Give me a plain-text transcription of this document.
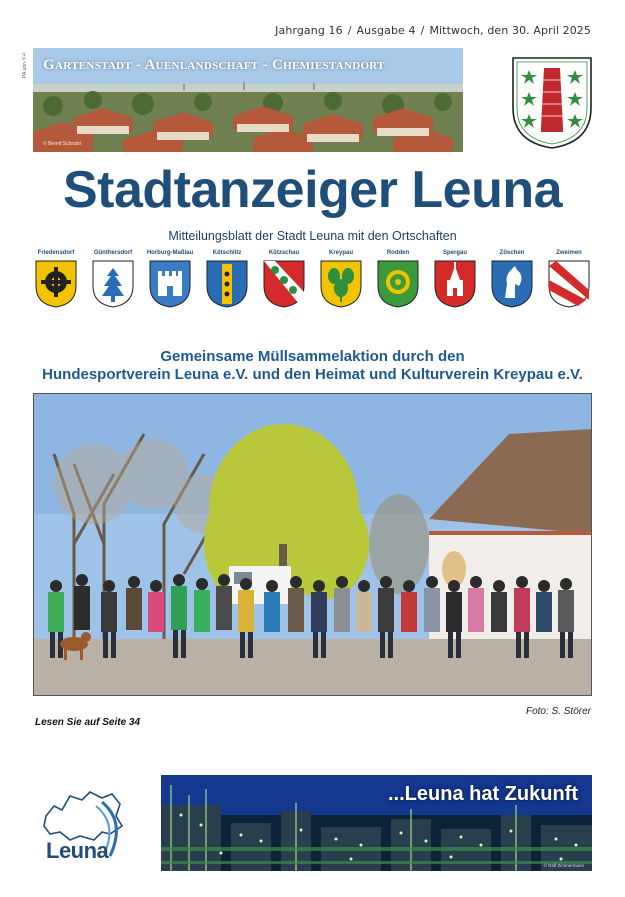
Jahrgang 16 / Ausgabe 4 / Mittwoch, den 30. April 2025
PA.ahn-Y+I Gartenstadt - Auenlandschaft - Chemiestandort
© Bernd Schnabl
Stadtanzeiger Leuna
Mitteilungsblatt der Stadt Leuna mit den Ortschaften
Friedensdorf	Günthersdorf	Horburg-Maßlau	Kötschlitz	Kötzschau	Kreypau	Rodden	Spergau	Zöschen	Zweimen
Gemeinsame Müllsammelaktion durch den
Hundesportverein Leuna e.V. und den Heimat und Kulturverein Kreypau e.V.
Foto: S. Störer
Lesen Sie auf Seite 34
Leuna
...Leuna hat Zukunft
© Ralf Zimmermann
